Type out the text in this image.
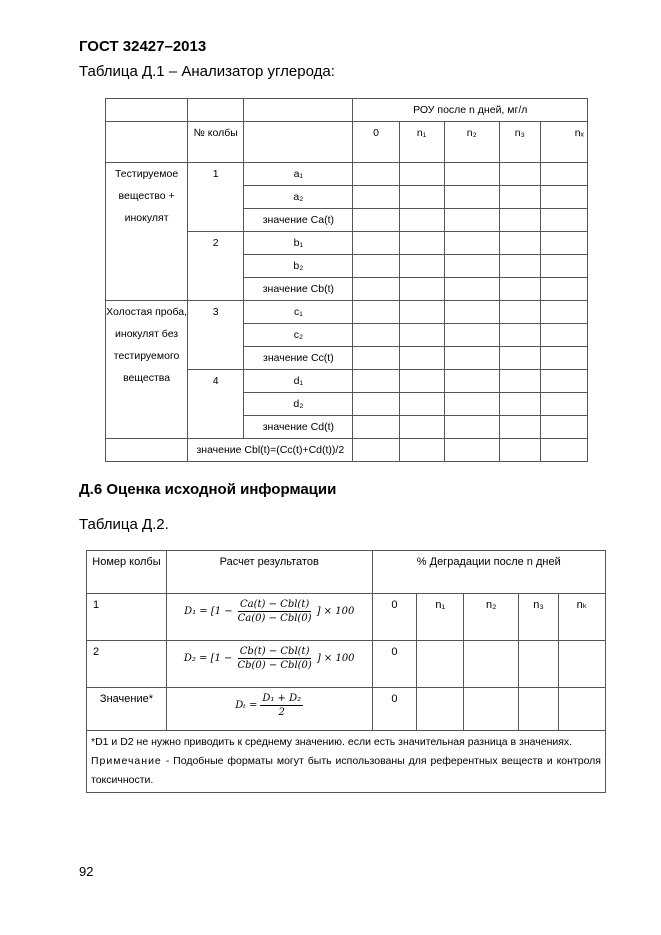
ГОСТ 32427–2013
Таблица Д.1 – Анализатор углерода:
			РОУ после n дней, мг/л				
	№ колбы		0	n₁	n₂	n₃	nₓ
Тестируемое вещество + инокулят	1	a₁					
		a₂					
		значение Ca(t)					
	2	b₁					
		b₂					
		значение Cb(t)					
Холостая проба, инокулят без тестируемого вещества	3	c₁					
		c₂					
		значение Cc(t)					
	4	d₁					
		d₂					
		значение Cd(t)					
	значение Cbl(t)=(Cc(t)+Cd(t))/2						
Д.6 Оценка исходной информации
Таблица Д.2.
Номер колбы	Расчет результатов	% Деградации после n дней				
1	$D_1 = [1 - \frac{\text{Ca(t) − Cbl(t)}}{\text{Ca(0) − Cbl(0)}}$ ] × 100	0	n₁	n₂	n₃	nₖ
2	$D_2 = [1 - \frac{\text{Cb(t) − Cbl(t)}}{\text{Cb(0) − Cbl(0)}}$ ] × 100	0				
Значение*	$D_t = \frac{\text{D₁ + D₂}}{2}$	0				

*D1 и D2 не нужно приводить к среднему значению. если есть значительная разница в значениях.
Примечание - Подобные форматы могут быть использованы для референтных веществ и контроля токсичности.						
92
